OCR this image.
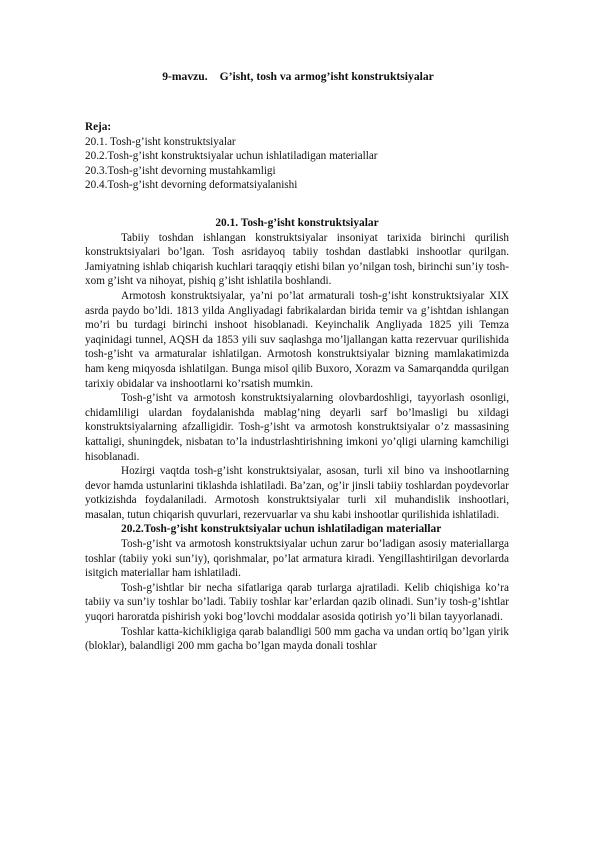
9-mavzu. G’isht, tosh va armog’isht konstruktsiyalar
Reja:
20.1. Tosh-g’isht konstruktsiyalar
20.2.Tosh-g’isht konstruktsiyalar uchun ishlatiladigan materiallar
20.3.Tosh-g’isht devorning mustahkamligi
20.4.Tosh-g’isht devorning deformatsiyalanishi
20.1. Tosh-g’isht konstruktsiyalar

Tabiiy toshdan ishlangan konstruktsiyalar insoniyat tarixida birinchi qurilish konstruktsiyalari bo’lgan. Tosh asridayoq tabiiy toshdan dastlabki inshootlar qurilgan. Jamiyatning ishlab chiqarish kuchlari taraqqiy etishi bilan yo’nilgan tosh, birinchi sun’iy tosh-xom g’isht va nihoyat, pishiq g’isht ishlatila boshlandi.

Armotosh konstruktsiyalar, ya’ni po’lat armaturali tosh-g’isht konstruktsiyalar XIX asrda paydo bo’ldi. 1813 yilda Angliyadagi fabrikalardan birida temir va g’ishtdan ishlangan mo’ri bu turdagi birinchi inshoot hisoblanadi. Keyinchalik Angliyada 1825 yili Temza yaqinidagi tunnel, AQSH da 1853 yili suv saqlashga mo’ljallangan katta rezervuar qurilishida tosh-g’isht va armaturalar ishlatilgan. Armotosh konstruktsiyalar bizning mamlakatimizda ham keng miqyosda ishlatilgan. Bunga misol qilib Buxoro, Xorazm va Samarqandda qurilgan tarixiy obidalar va inshootlarni ko’rsatish mumkin.

Tosh-g’isht va armotosh konstruktsiyalarning olovbardoshligi, tayyorlash osonligi, chidamliligi ulardan foydalanishda mablag’ning deyarli sarf bo’lmasligi bu xildagi konstruktsiyalarning afzalligidir. Tosh-g’isht va armotosh konstruktsiyalar o’z massasining kattaligi, shuningdek, nisbatan to’la industrlashtirishning imkoni yo’qligi ularning kamchiligi hisoblanadi.

Hozirgi vaqtda tosh-g’isht konstruktsiyalar, asosan, turli xil bino va inshootlarning devor hamda ustunlarini tiklashda ishlatiladi. Ba’zan, og’ir jinsli tabiiy toshlardan poydevorlar yotkizishda foydalaniladi. Armotosh konstruktsiyalar turli xil muhandislik inshootlari, masalan, tutun chiqarish quvurlari, rezervuarlar va shu kabi inshootlar qurilishida ishlatiladi.

20.2.Tosh-g’isht konstruktsiyalar uchun ishlatiladigan materiallar

Tosh-g’isht va armotosh konstruktsiyalar uchun zarur bo’ladigan asosiy materiallarga toshlar (tabiiy yoki sun’iy), qorishmalar, po’lat armatura kiradi. Yengillashtirilgan devorlarda isitgich materiallar ham ishlatiladi.

Tosh-g’ishtlar bir necha sifatlariga qarab turlarga ajratiladi. Kelib chiqishiga ko’ra tabiiy va sun’iy toshlar bo’ladi. Tabiiy toshlar kar’erlardan qazib olinadi. Sun’iy tosh-g’ishtlar yuqori haroratda pishirish yoki bog’lovchi moddalar asosida qotirish yo’li bilan tayyorlanadi.

Toshlar katta-kichikligiga qarab balandligi 500 mm gacha va undan ortiq bo’lgan yirik (bloklar), balandligi 200 mm gacha bo’lgan mayda donali toshlar
